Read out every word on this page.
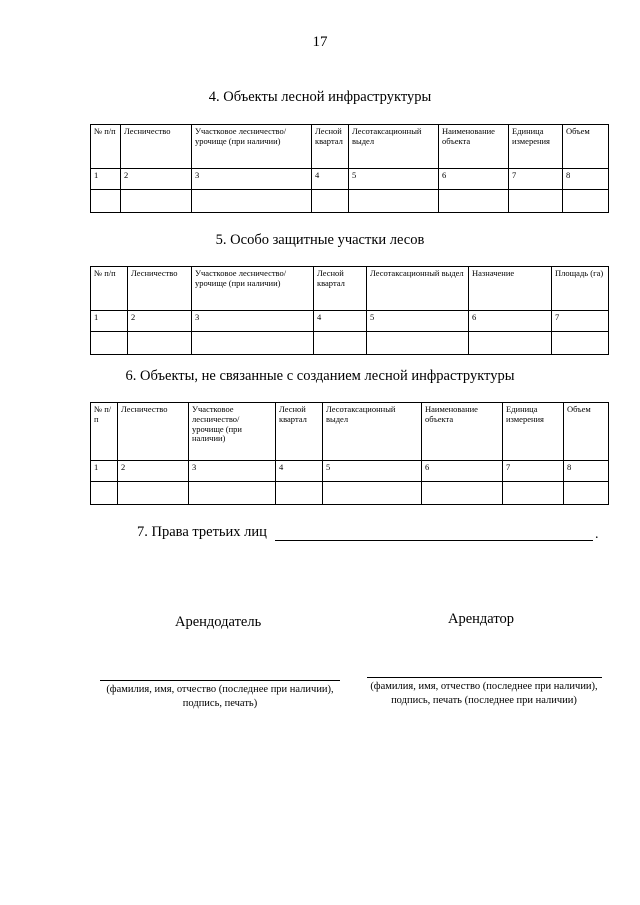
17
4. Объекты лесной инфраструктуры
№ п/п	Лесничество	Участковое лесничество/урочище (при наличии)	Лесной квартал	Лесотаксационный выдел	Наименование объекта	Единица измерения	Объем
1	2	3	4	5	6	7	8

5. Особо защитные участки лесов
№ п/п	Лесничество	Участковое лесничество/урочище (при наличии)	Лесной квартал	Лесотаксационный выдел	Назначение	Площадь (га)
1	2	3	4	5	6	7

6. Объекты, не связанные с созданием лесной инфраструктуры
№ п/п	Лесничество	Участковое лесничество/ урочище (при наличии)	Лесной квартал	Лесотаксационный выдел	Наименование объекта	Единица измерения	Объем
1	2	3	4	5	6	7	8

7. Права третьих лиц	.
Арендодатель	Арендатор
(фамилия, имя, отчество (последнее при наличии),
подпись, печать)
(фамилия, имя, отчество (последнее при наличии),
подпись, печать (последнее при наличии)
